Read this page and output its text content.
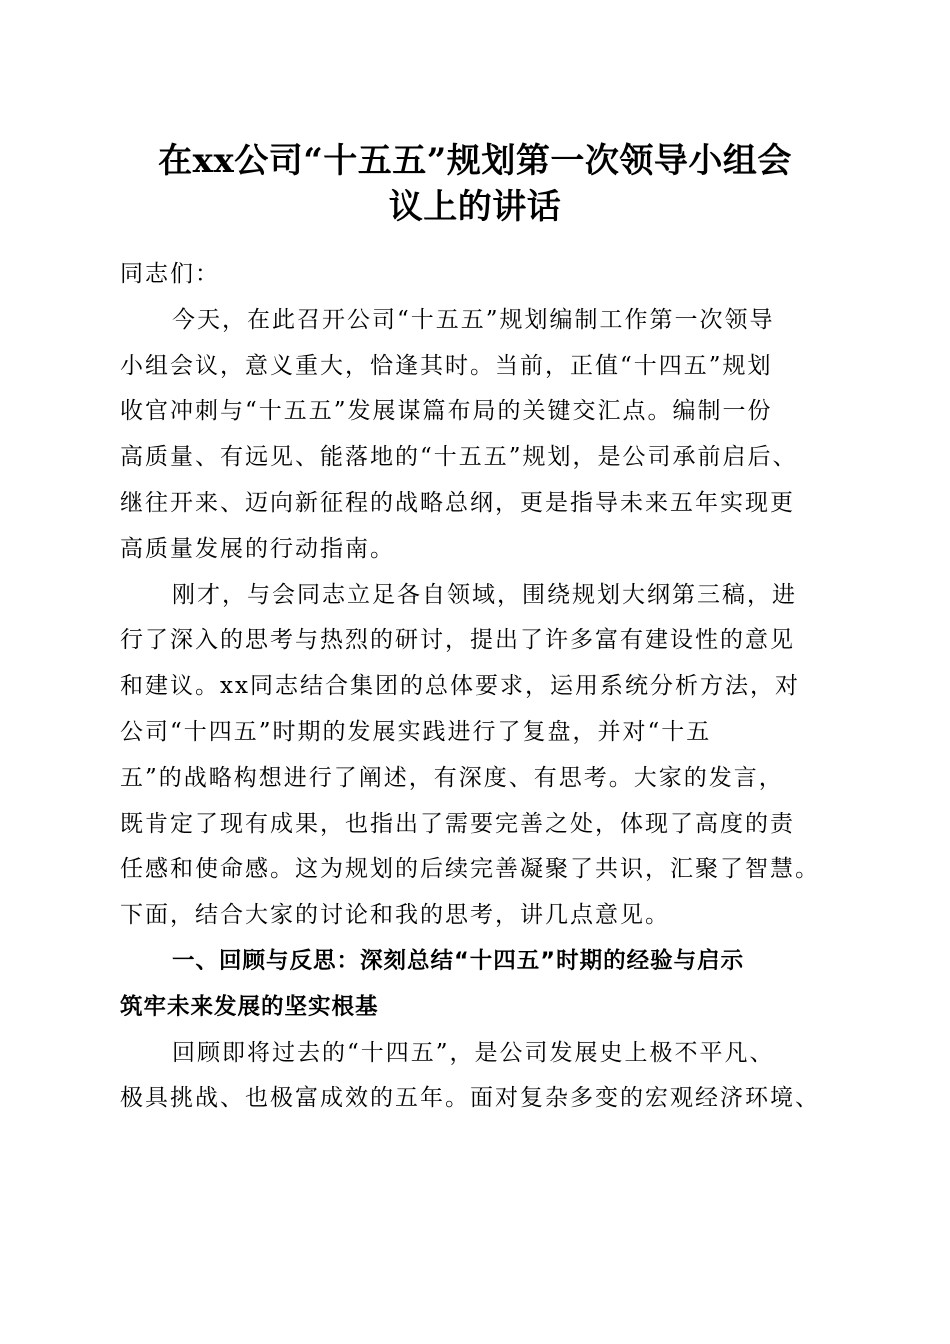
在xx公司“十五五”规划第一次领导小组会
议上的讲话

同志们：

今天，在此召开公司“十五五”规划编制工作第一次领导
小组会议，意义重大，恰逢其时。当前，正值“十四五”规划
收官冲刺与“十五五”发展谋篇布局的关键交汇点。编制一份
高质量、有远见、能落地的“十五五”规划，是公司承前启后、
继往开来、迈向新征程的战略总纲，更是指导未来五年实现更
高质量发展的行动指南。

刚才，与会同志立足各自领域，围绕规划大纲第三稿，进
行了深入的思考与热烈的研讨，提出了许多富有建设性的意见
和建议。xx同志结合集团的总体要求，运用系统分析方法，对
公司“十四五”时期的发展实践进行了复盘，并对“十五
五”的战略构想进行了阐述，有深度、有思考。大家的发言，
既肯定了现有成果，也指出了需要完善之处，体现了高度的责
任感和使命感。这为规划的后续完善凝聚了共识，汇聚了智慧。
下面，结合大家的讨论和我的思考，讲几点意见。

一、回顾与反思：深刻总结“十四五”时期的经验与启示
筑牢未来发展的坚实根基

回顾即将过去的“十四五”，是公司发展史上极不平凡、
极具挑战、也极富成效的五年。面对复杂多变的宏观经济环境、
